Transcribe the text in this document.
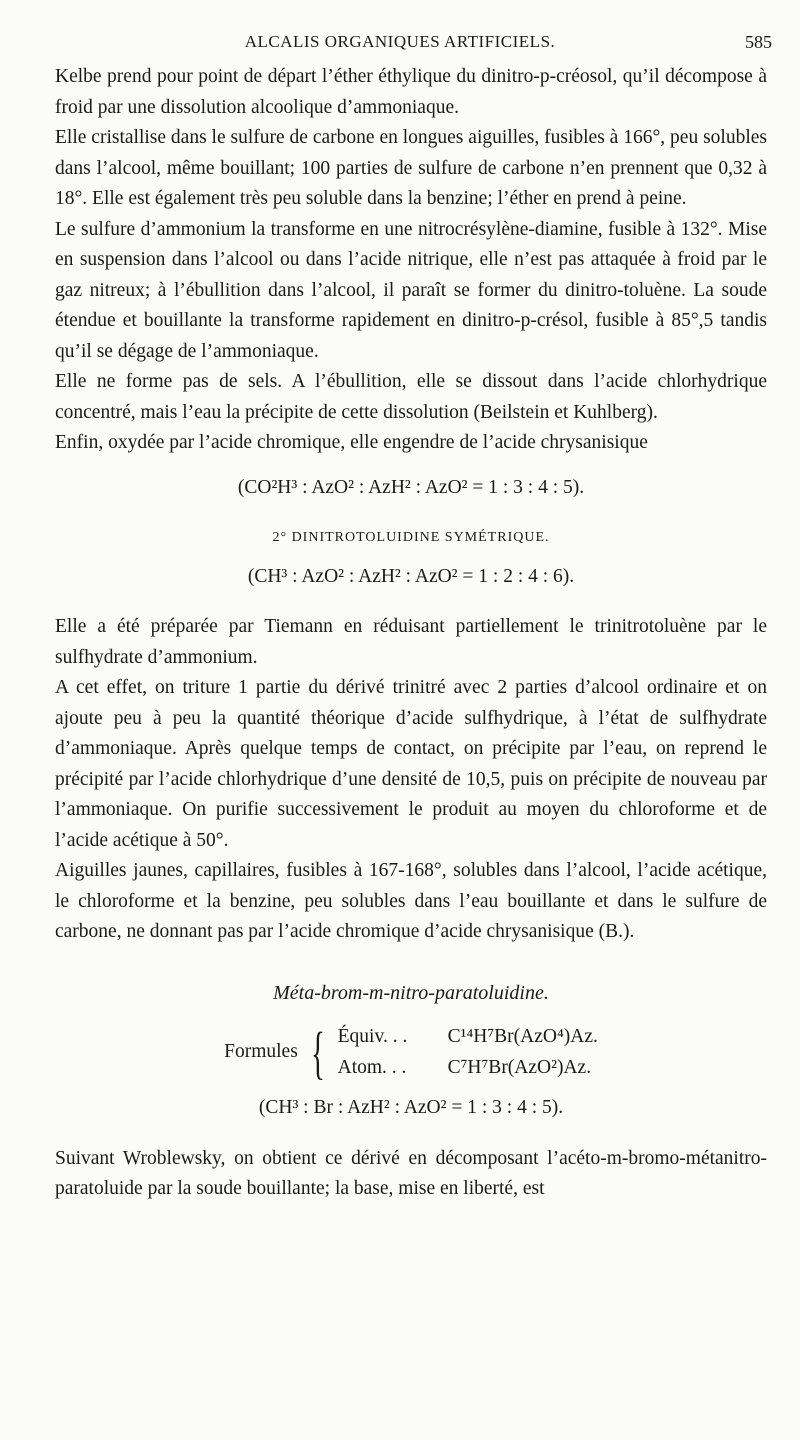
ALCALIS ORGANIQUES ARTIFICIELS.	585

Kelbe prend pour point de départ l’éther éthylique du dinitro-p-créosol, qu’il décompose à froid par une dissolution alcoolique d’ammoniaque.

Elle cristallise dans le sulfure de carbone en longues aiguilles, fusibles à 166°, peu solubles dans l’alcool, même bouillant; 100 parties de sulfure de carbone n’en prennent que 0,32 à 18°. Elle est également très peu soluble dans la benzine; l’éther en prend à peine.

Le sulfure d’ammonium la transforme en une nitrocrésylène-diamine, fusible à 132°. Mise en suspension dans l’alcool ou dans l’acide nitrique, elle n’est pas attaquée à froid par le gaz nitreux; à l’ébullition dans l’alcool, il paraît se former du dinitro-toluène. La soude étendue et bouillante la transforme rapidement en dinitro-p-crésol, fusible à 85°,5 tandis qu’il se dégage de l’ammoniaque.

Elle ne forme pas de sels. A l’ébullition, elle se dissout dans l’acide chlorhydrique concentré, mais l’eau la précipite de cette dissolution (Beilstein et Kuhlberg).

Enfin, oxydée par l’acide chromique, elle engendre de l’acide chrysanisique

(CO²H³ : AzO² : AzH² : AzO² = 1 : 3 : 4 : 5).
2° DINITROTOLUIDINE SYMÉTRIQUE.
(CH³ : AzO² : AzH² : AzO² = 1 : 2 : 4 : 6).

Elle a été préparée par Tiemann en réduisant partiellement le trinitrotoluène par le sulfhydrate d’ammonium.

A cet effet, on triture 1 partie du dérivé trinitré avec 2 parties d’alcool ordinaire et on ajoute peu à peu la quantité théorique d’acide sulfhydrique, à l’état de sulfhydrate d’ammoniaque. Après quelque temps de contact, on précipite par l’eau, on reprend le précipité par l’acide chlorhydrique d’une densité de 10,5, puis on précipite de nouveau par l’ammoniaque. On purifie successivement le produit au moyen du chloroforme et de l’acide acétique à 50°.

Aiguilles jaunes, capillaires, fusibles à 167-168°, solubles dans l’alcool, l’acide acétique, le chloroforme et la benzine, peu solubles dans l’eau bouillante et dans le sulfure de carbone, ne donnant pas par l’acide chromique d’acide chrysanisique (B.).

Méta-brom-m-nitro-paratoluidine.
Formules { Équiv. . .	C¹⁴H⁷Br(AzO⁴)Az.
Atom. . .	C⁷H⁷Br(AzO²)Az.
(CH³ : Br : AzH² : AzO² = 1 : 3 : 4 : 5).

Suivant Wroblewsky, on obtient ce dérivé en décomposant l’acéto-m-bromo-métanitro-paratoluide par la soude bouillante; la base, mise en liberté, est
